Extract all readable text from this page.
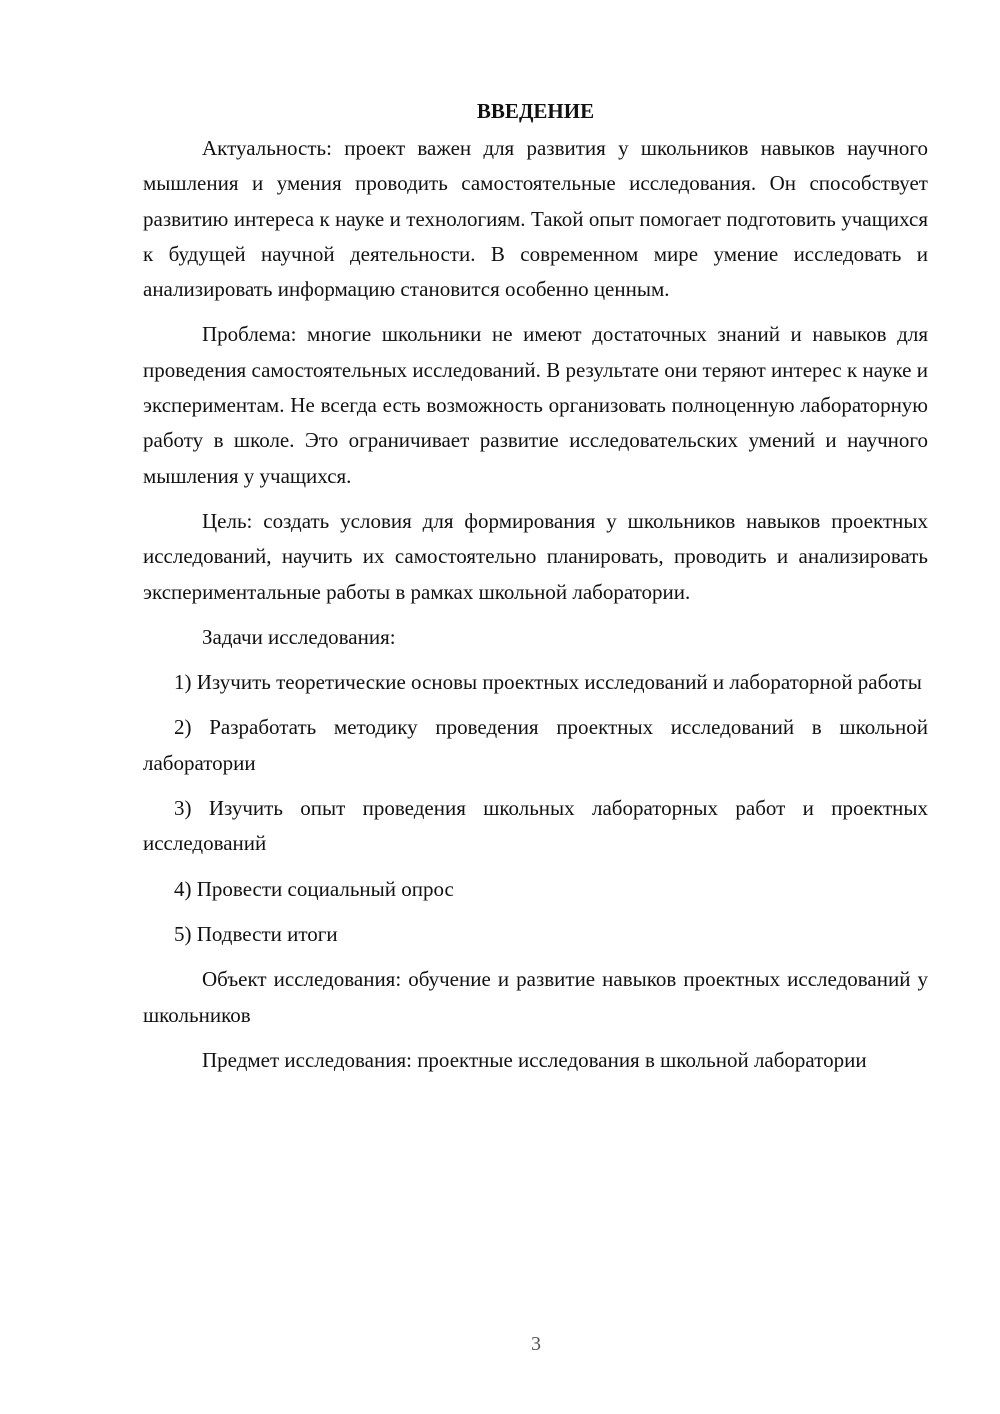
ВВЕДЕНИЕ

Актуальность: проект важен для развития у школьников навыков научного мышления и умения проводить самостоятельные исследования. Он способствует развитию интереса к науке и технологиям. Такой опыт помогает подготовить учащихся к будущей научной деятельности. В современном мире умение исследовать и анализировать информацию становится особенно ценным.

Проблема: многие школьники не имеют достаточных знаний и навыков для проведения самостоятельных исследований. В результате они теряют интерес к науке и экспериментам. Не всегда есть возможность организовать полноценную лабораторную работу в школе. Это ограничивает развитие исследовательских умений и научного мышления у учащихся.

Цель: создать условия для формирования у школьников навыков проектных исследований, научить их самостоятельно планировать, проводить и анализировать экспериментальные работы в рамках школьной лаборатории.

Задачи исследования:

1) Изучить теоретические основы проектных исследований и лабораторной работы

2) Разработать методику проведения проектных исследований в школьной лаборатории

3) Изучить опыт проведения школьных лабораторных работ и проектных исследований

4) Провести социальный опрос

5) Подвести итоги

Объект исследования: обучение и развитие навыков проектных исследований у школьников

Предмет исследования: проектные исследования в школьной лаборатории

3
